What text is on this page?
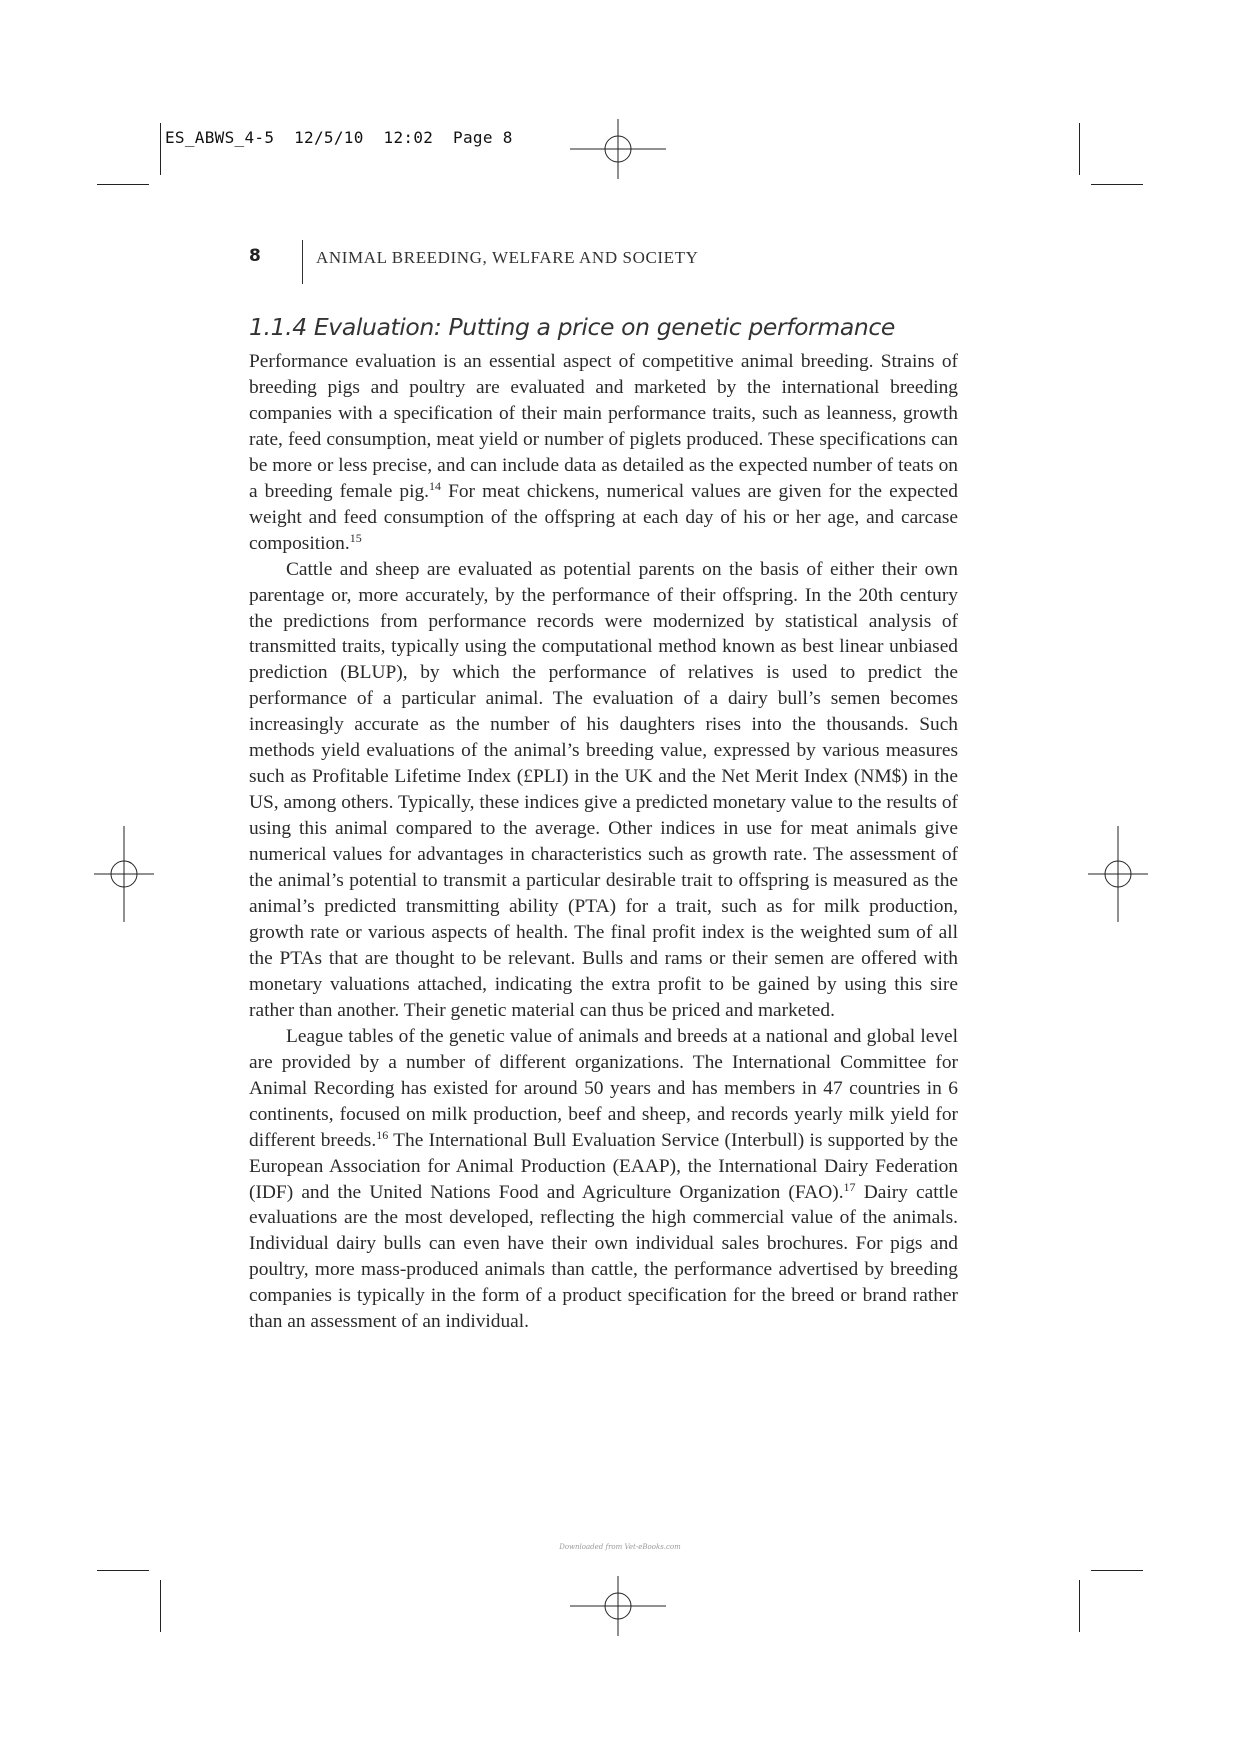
ES_ABWS_4-5  12/5/10  12:02  Page 8
8	ANIMAL BREEDING, WELFARE AND SOCIETY
1.1.4 Evaluation: Putting a price on genetic performance

Performance evaluation is an essential aspect of competitive animal breeding. Strains of breeding pigs and poultry are evaluated and marketed by the international breeding companies with a specification of their main performance traits, such as leanness, growth rate, feed consumption, meat yield or number of piglets produced. These specifications can be more or less precise, and can include data as detailed as the expected number of teats on a breeding female pig.$^{14}$ For meat chickens, numerical values are given for the expected weight and feed consumption of the offspring at each day of his or her age, and carcase composition.$^{15}$

Cattle and sheep are evaluated as potential parents on the basis of either their own parentage or, more accurately, by the performance of their offspring. In the 20th century the predictions from performance records were modernized by statistical analysis of transmitted traits, typically using the computational method known as best linear unbiased prediction (BLUP), by which the performance of relatives is used to predict the performance of a particular animal. The evaluation of a dairy bull’s semen becomes increasingly accurate as the number of his daughters rises into the thousands. Such methods yield evaluations of the animal’s breeding value, expressed by various measures such as Profitable Lifetime Index (£PLI) in the UK and the Net Merit Index (NM$) in the US, among others. Typically, these indices give a predicted monetary value to the results of using this animal compared to the average. Other indices in use for meat animals give numerical values for advantages in characteristics such as growth rate. The assessment of the animal’s potential to transmit a particular desirable trait to offspring is measured as the animal’s predicted transmitting ability (PTA) for a trait, such as for milk production, growth rate or various aspects of health. The final profit index is the weighted sum of all the PTAs that are thought to be relevant. Bulls and rams or their semen are offered with monetary valuations attached, indicating the extra profit to be gained by using this sire rather than another. Their genetic material can thus be priced and marketed.

League tables of the genetic value of animals and breeds at a national and global level are provided by a number of different organizations. The International Committee for Animal Recording has existed for around 50 years and has members in 47 countries in 6 continents, focused on milk production, beef and sheep, and records yearly milk yield for different breeds.$^{16}$ The International Bull Evaluation Service (Interbull) is supported by the European Association for Animal Production (EAAP), the International Dairy Federation (IDF) and the United Nations Food and Agriculture Organization (FAO).$^{17}$ Dairy cattle evaluations are the most developed, reflecting the high commercial value of the animals. Individual dairy bulls can even have their own individual sales brochures. For pigs and poultry, more mass-produced animals than cattle, the performance advertised by breeding companies is typically in the form of a product specification for the breed or brand rather than an assessment of an individual.

Downloaded from Vet-eBooks.com
